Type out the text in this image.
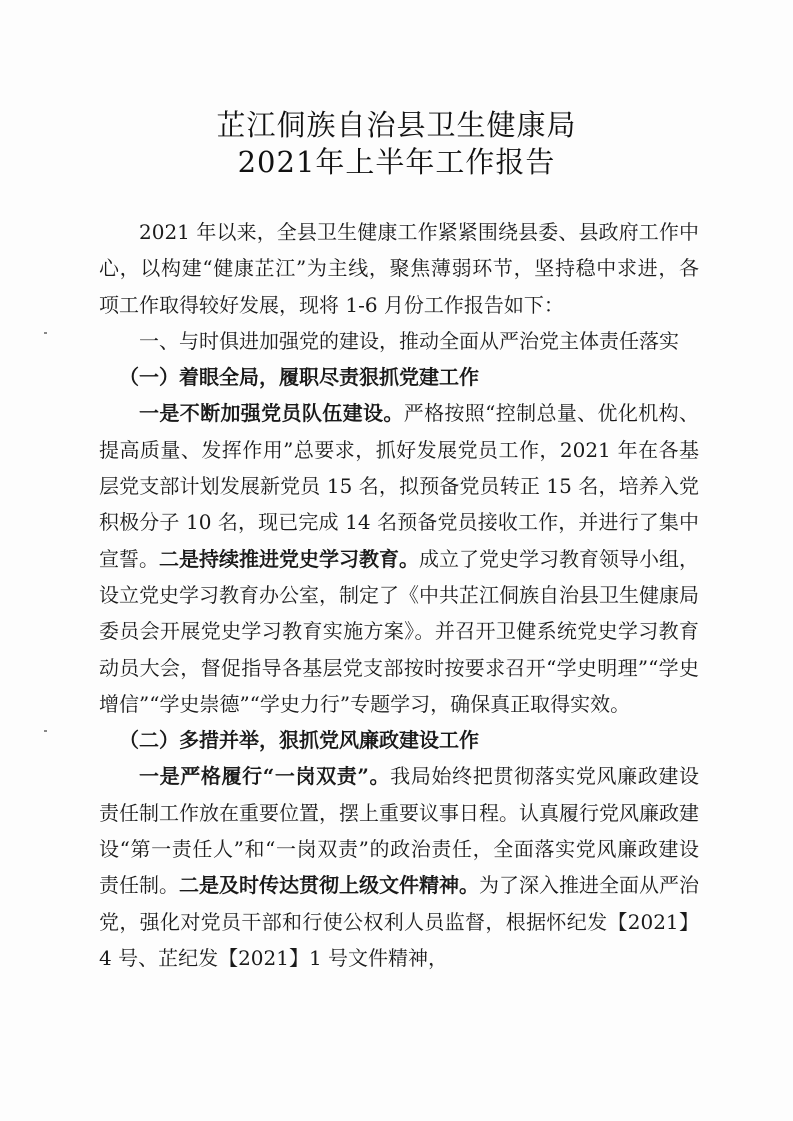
芷江侗族自治县卫生健康局
2021年上半年工作报告

2021 年以来，全县卫生健康工作紧紧围绕县委、县政府工作中心，以构建“健康芷江”为主线，聚焦薄弱环节，坚持稳中求进，各项工作取得较好发展，现将 1-6 月份工作报告如下：

一、与时俱进加强党的建设，推动全面从严治党主体责任落实

（一）着眼全局，履职尽责狠抓党建工作

一是不断加强党员队伍建设。严格按照“控制总量、优化机构、提高质量、发挥作用”总要求，抓好发展党员工作，2021 年在各基层党支部计划发展新党员 15 名，拟预备党员转正 15 名，培养入党积极分子 10 名，现已完成 14 名预备党员接收工作，并进行了集中宣誓。二是持续推进党史学习教育。成立了党史学习教育领导小组，设立党史学习教育办公室，制定了《中共芷江侗族自治县卫生健康局委员会开展党史学习教育实施方案》。并召开卫健系统党史学习教育动员大会，督促指导各基层党支部按时按要求召开“学史明理”“学史增信”“学史崇德”“学史力行”专题学习，确保真正取得实效。

（二）多措并举，狠抓党风廉政建设工作

一是严格履行“一岗双责”。我局始终把贯彻落实党风廉政建设责任制工作放在重要位置，摆上重要议事日程。认真履行党风廉政建设“第一责任人”和“一岗双责”的政治责任，全面落实党风廉政建设责任制。二是及时传达贯彻上级文件精神。为了深入推进全面从严治党，强化对党员干部和行使公权利人员监督，根据怀纪发【2021】4 号、芷纪发【2021】1 号文件精神，
